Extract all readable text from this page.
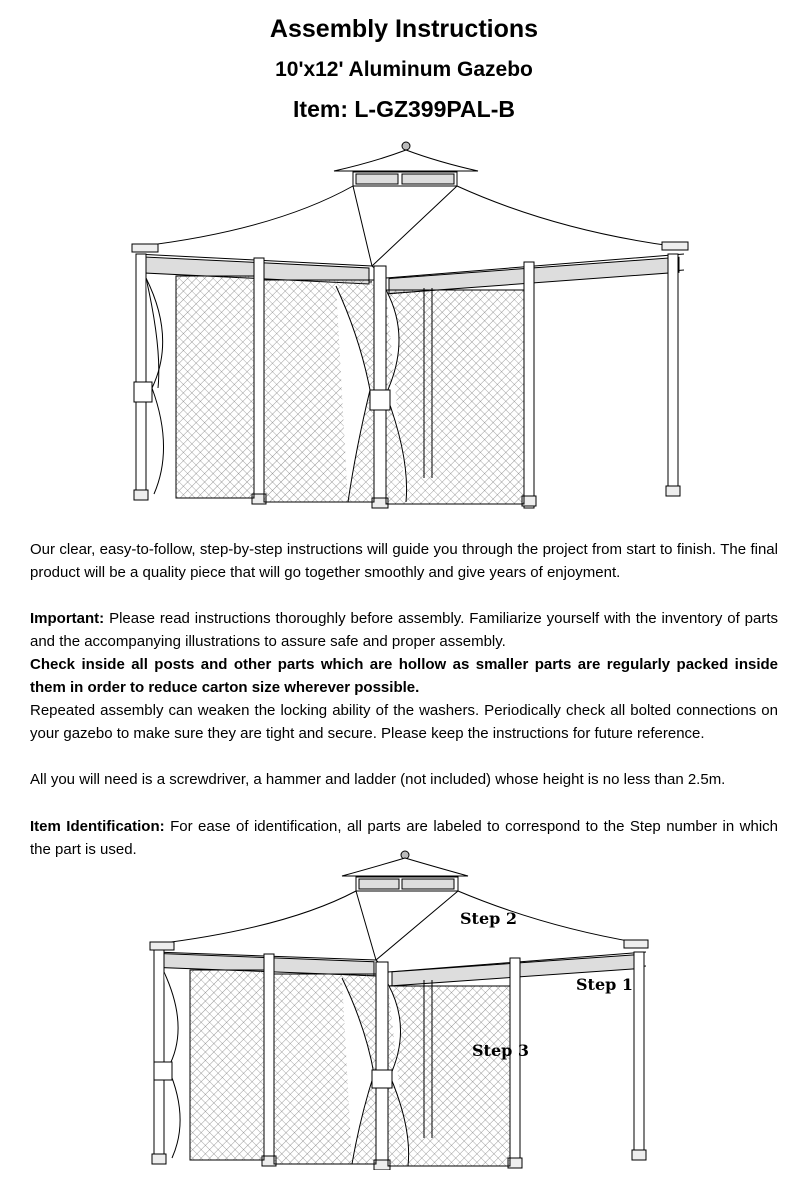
Assembly Instructions
10'x12' Aluminum Gazebo
Item: L-GZ399PAL-B

Our clear, easy-to-follow, step-by-step instructions will guide you through the project from start to finish. The final product will be a quality piece that will go together smoothly and give years of enjoyment.

Important: Please read instructions thoroughly before assembly. Familiarize yourself with the inventory of parts and the accompanying illustrations to assure safe and proper assembly.

Check inside all posts and other parts which are hollow as smaller parts are regularly packed inside them in order to reduce carton size wherever possible.

Repeated assembly can weaken the locking ability of the washers. Periodically check all bolted connections on your gazebo to make sure they are tight and secure. Please keep the instructions for future reference.

All you will need is a screwdriver, a hammer and ladder (not included) whose height is no less than 2.5m.

Item Identification: For ease of identification, all parts are labeled to correspond to the Step number in which the part is used.

Step 2
Step 1
Step 3
